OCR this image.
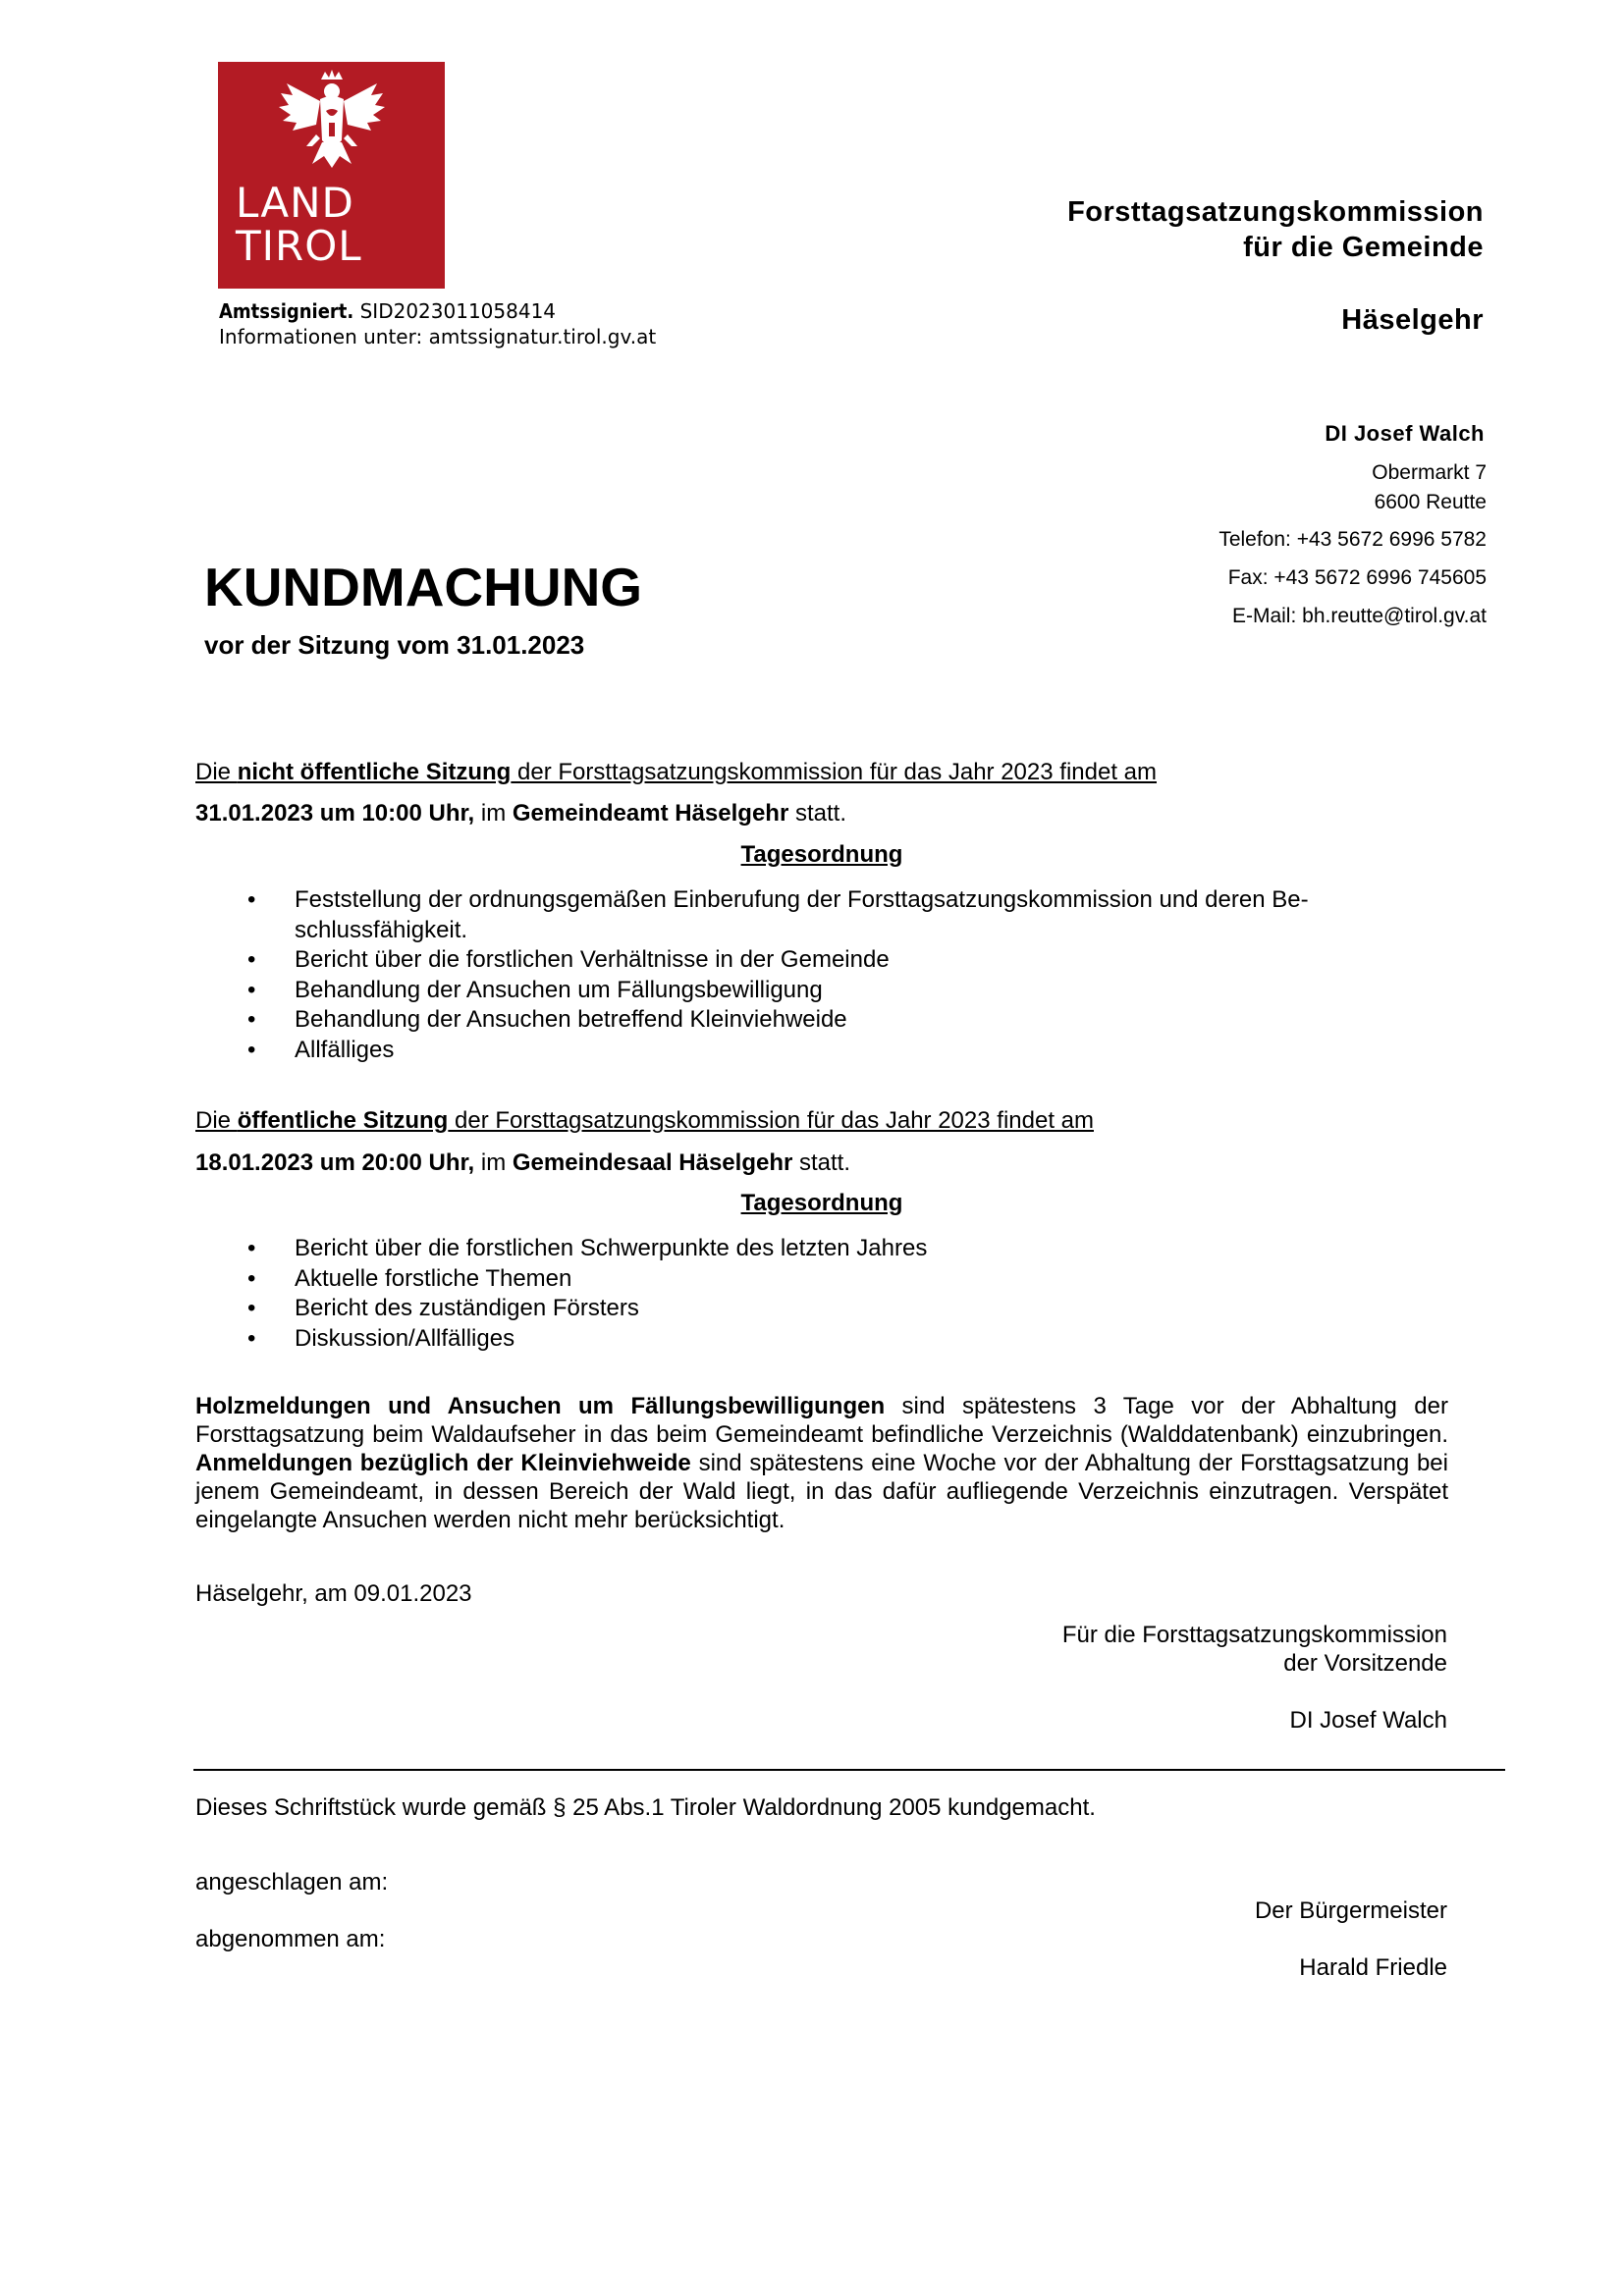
LAND
TIROL
Amtssigniert. SID2023011058414
Informationen unter: amtssignatur.tirol.gv.at
Forsttagsatzungskommission
für die Gemeinde
Häselgehr
DI Josef Walch
Obermarkt 7
6600 Reutte
Telefon: +43 5672 6996 5782
Fax: +43 5672 6996 745605
E-Mail: bh.reutte@tirol.gv.at
KUNDMACHUNG
vor der Sitzung vom 31.01.2023
Die nicht öffentliche Sitzung der Forsttagsatzungskommission für das Jahr 2023 findet am
31.01.2023 um 10:00 Uhr, im Gemeindeamt Häselgehr statt.
Tagesordnung
• Feststellung der ordnungsgemäßen Einberufung der Forsttagsatzungskommission und deren Be-schlussfähigkeit.
• Bericht über die forstlichen Verhältnisse in der Gemeinde
• Behandlung der Ansuchen um Fällungsbewilligung
• Behandlung der Ansuchen betreffend Kleinviehweide
• Allfälliges
Die öffentliche Sitzung der Forsttagsatzungskommission für das Jahr 2023 findet am
18.01.2023 um 20:00 Uhr, im Gemeindesaal Häselgehr statt.
Tagesordnung
• Bericht über die forstlichen Schwerpunkte des letzten Jahres
• Aktuelle forstliche Themen
• Bericht des zuständigen Försters
• Diskussion/Allfälliges
Holzmeldungen und Ansuchen um Fällungsbewilligungen sind spätestens 3 Tage vor der Abhaltung der Forsttagsatzung beim Waldaufseher in das beim Gemeindeamt befindliche Verzeichnis (Walddatenbank) einzubringen. Anmeldungen bezüglich der Kleinviehweide sind spätestens eine Woche vor der Abhaltung der Forsttagsatzung bei jenem Gemeindeamt, in dessen Bereich der Wald liegt, in das dafür aufliegende Verzeichnis einzutragen. Verspätet eingelangte Ansuchen werden nicht mehr berücksichtigt.
Häselgehr, am 09.01.2023
Für die Forsttagsatzungskommission
der Vorsitzende
DI Josef Walch
Dieses Schriftstück wurde gemäß § 25 Abs.1 Tiroler Waldordnung 2005 kundgemacht.
angeschlagen am:
Der Bürgermeister
abgenommen am:
Harald Friedle
